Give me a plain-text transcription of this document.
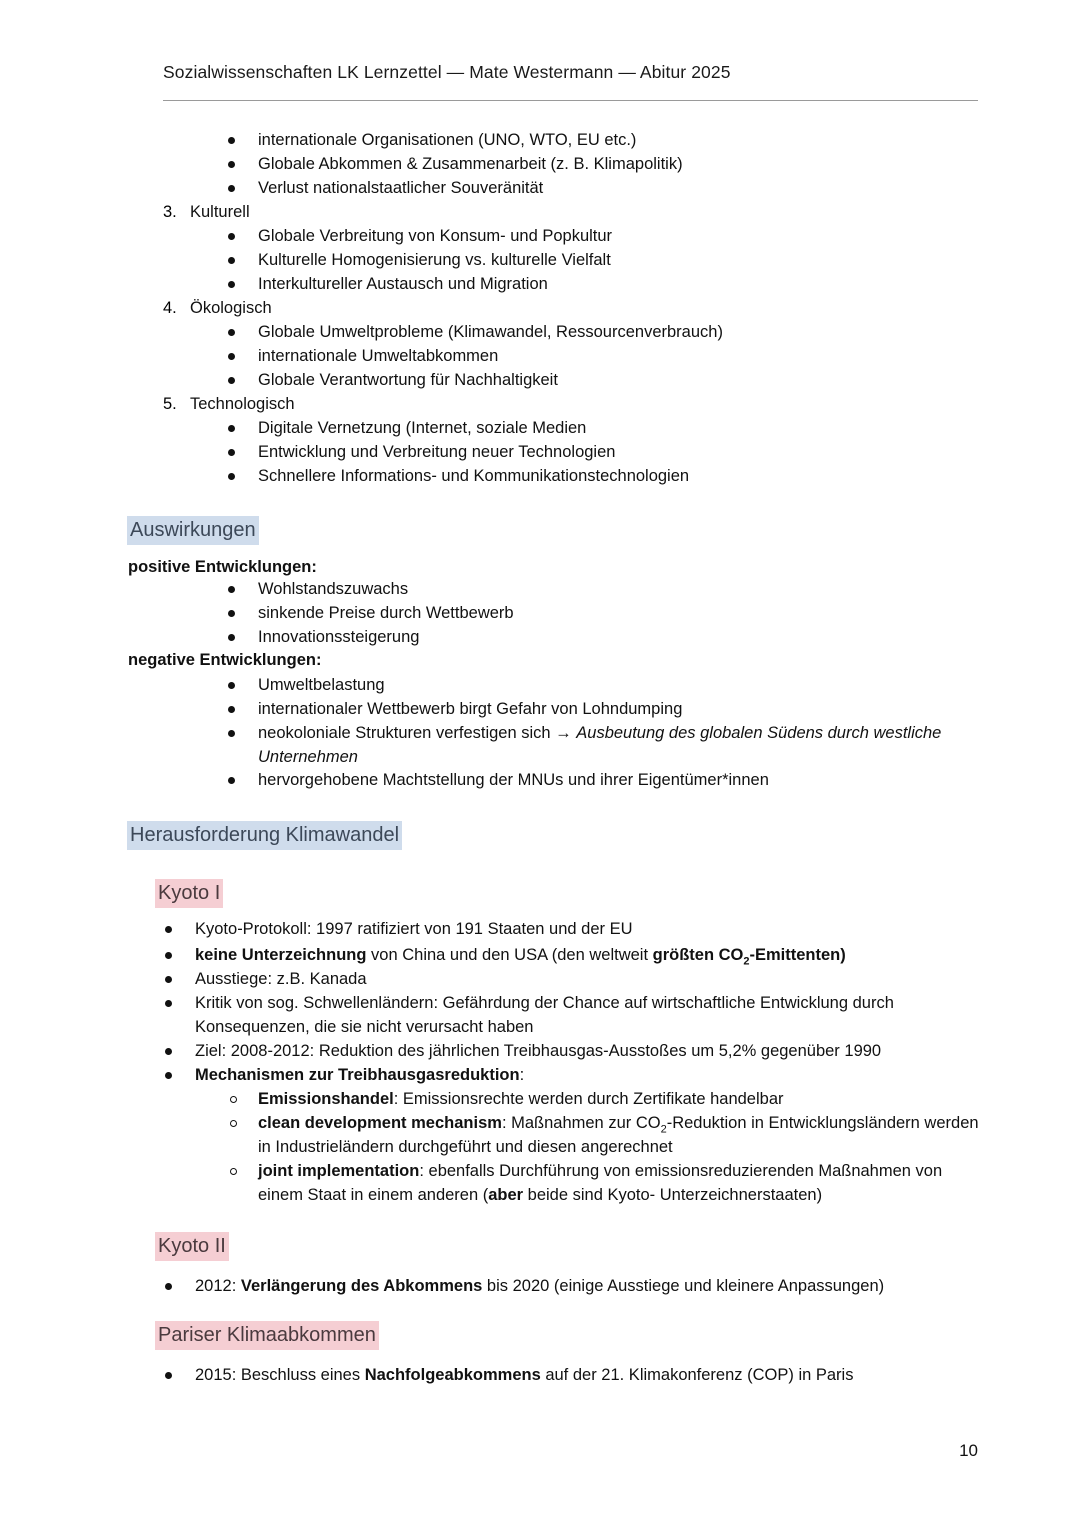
Sozialwissenschaften LK Lernzettel — Mate Westermann — Abitur 2025
internationale Organisationen (UNO, WTO, EU etc.)
Globale Abkommen & Zusammenarbeit (z. B. Klimapolitik)
Verlust nationalstaatlicher Souveränität
3. Kulturell
Globale Verbreitung von Konsum- und Popkultur
Kulturelle Homogenisierung vs. kulturelle Vielfalt
Interkultureller Austausch und Migration
4. Ökologisch
Globale Umweltprobleme (Klimawandel, Ressourcenverbrauch)
internationale Umweltabkommen
Globale Verantwortung für Nachhaltigkeit
5. Technologisch
Digitale Vernetzung (Internet, soziale Medien
Entwicklung und Verbreitung neuer Technologien
Schnellere Informations- und Kommunikationstechnologien
Auswirkungen
positive Entwicklungen:
Wohlstandszuwachs
sinkende Preise durch Wettbewerb
Innovationssteigerung
negative Entwicklungen:
Umweltbelastung
internationaler Wettbewerb birgt Gefahr von Lohndumping
neokoloniale Strukturen verfestigen sich → Ausbeutung des globalen Südens durch westliche Unternehmen
hervorgehobene Machtstellung der MNUs und ihrer Eigentümer*innen
Herausforderung Klimawandel
Kyoto I
Kyoto-Protokoll: 1997 ratifiziert von 191 Staaten und der EU
keine Unterzeichnung von China und den USA (den weltweit größten $CO_2-Emittenten$)
Ausstiege: z.B. Kanada
Kritik von sog. Schwellenländern: Gefährdung der Chance auf wirtschaftliche Entwicklung durch Konsequenzen, die sie nicht verursacht haben
Ziel: 2008-2012: Reduktion des jährlichen Treibhausgas-Ausstoßes um 5,2% gegenüber 1990
Mechanismen zur Treibhausgasreduktion:
Emissionshandel: Emissionsrechte werden durch Zertifikate handelbar
clean development mechanism: Maßnahmen zur $CO_2$-Reduktion in Entwicklungsländern werden in Industrieländern durchgeführt und diesen angerechnet
joint implementation: ebenfalls Durchführung von emissionsreduzierenden Maßnahmen von einem Staat in einem anderen (aber beide sind Kyoto- Unterzeichnerstaaten)
Kyoto II
2012: Verlängerung des Abkommens bis 2020 (einige Ausstiege und kleinere Anpassungen)
Pariser Klimaabkommen
2015: Beschluss eines Nachfolgeabkommens auf der 21. Klimakonferenz (COP) in Paris
10
